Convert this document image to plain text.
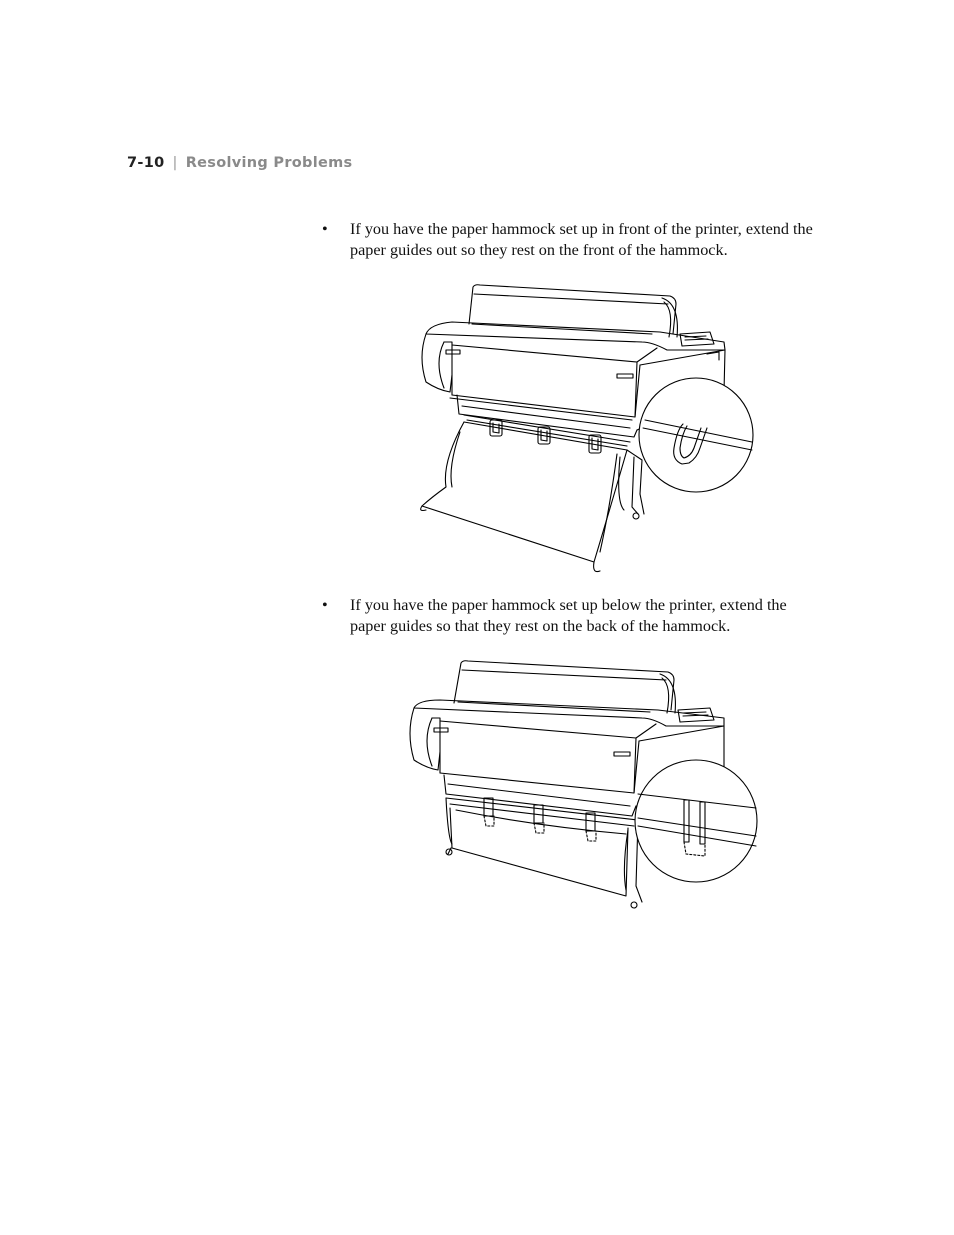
7-10 | Resolving Problems
• If you have the paper hammock set up in front of the printer, extend the
paper guides out so they rest on the front of the hammock.
• If you have the paper hammock set up below the printer, extend the
paper guides so that they rest on the back of the hammock.
